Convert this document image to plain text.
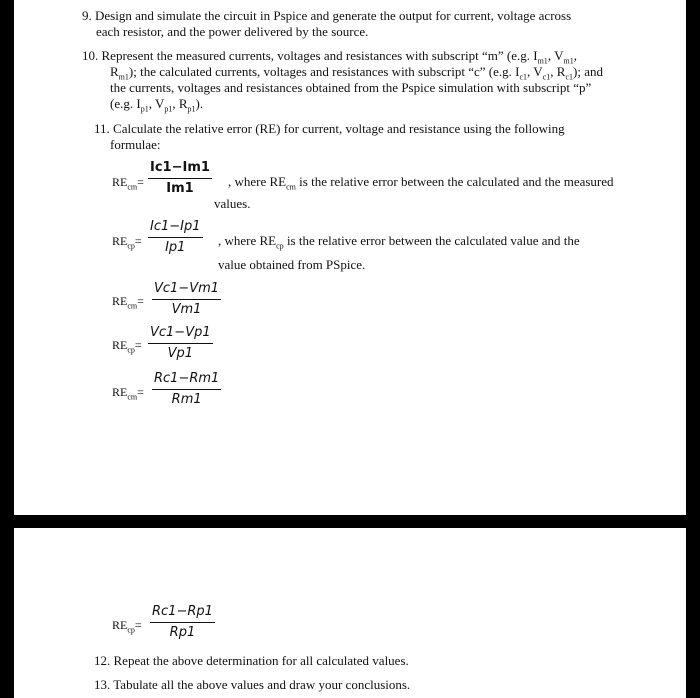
9. Design and simulate the circuit in Pspice and generate the output for current, voltage across
each resistor, and the power delivered by the source.
10. Represent the measured currents, voltages and resistances with subscript “m” (e.g. $I_{m1}$, $V_{m1}$,
$R_{m1}$); the calculated currents, voltages and resistances with subscript “c” (e.g. $I_{c1}$, $V_{c1}$, $R_{c1}$); and
the currents, voltages and resistances obtained from the Pspice simulation with subscript “p”
(e.g. $I_{p1}$, $V_{p1}$, $R_{p1}$).
11. Calculate the relative error (RE) for current, voltage and resistance using the following
formulae:
$RE_{cm}=$
Ic1−Im1
Im1	, where $RE_{cm}$ is the relative error between the calculated and the measured
values.
$RE_{cp}=$
Ic1−Ip1
Ip1	, where $RE_{cp}$ is the relative error between the calculated value and the
value obtained from PSpice.
$RE_{cm}=$
Vc1−Vm1
Vm1
$RE_{cp}=$
Vc1−Vp1
Vp1
$RE_{cm}=$
Rc1−Rm1
Rm1
$RE_{cp}=$
Rc1−Rp1
Rp1
12. Repeat the above determination for all calculated values.
13. Tabulate all the above values and draw your conclusions.
